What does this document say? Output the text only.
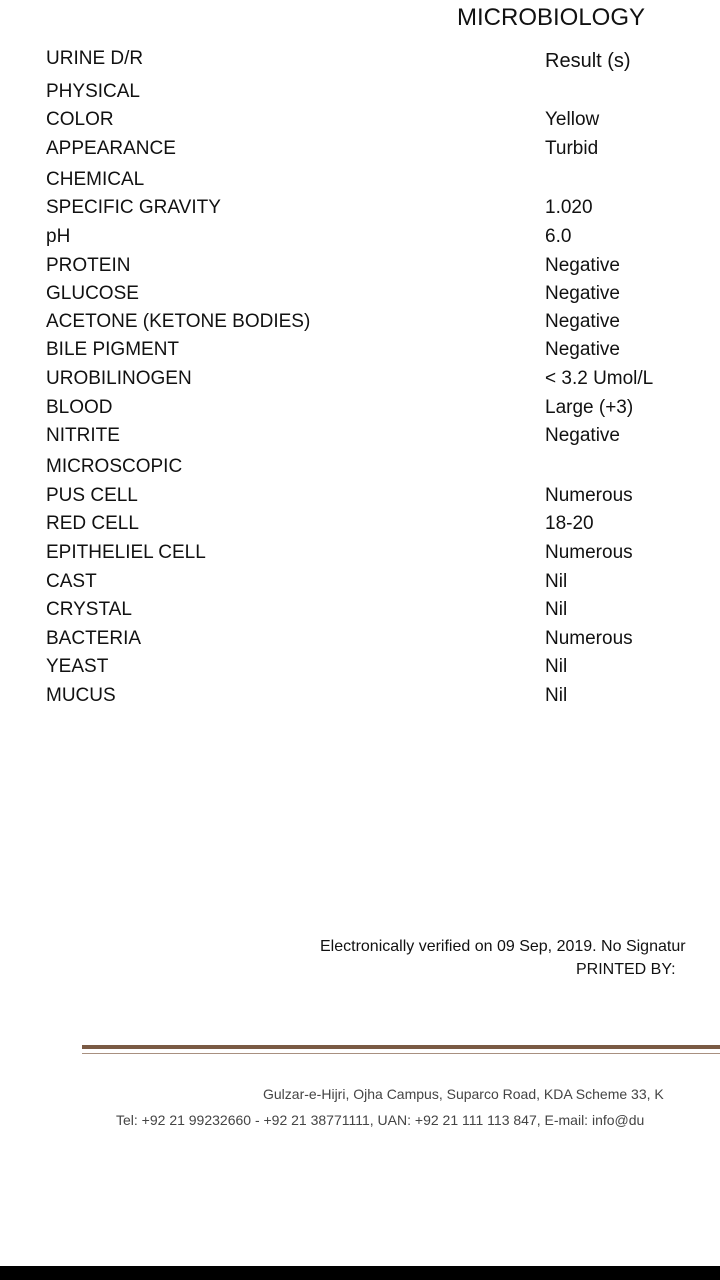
MICROBIOLOGY
URINE D/R	Result (s)
PHYSICAL
COLOR	Yellow
APPEARANCE	Turbid
CHEMICAL
SPECIFIC GRAVITY	1.020
pH	6.0
PROTEIN	Negative
GLUCOSE	Negative
ACETONE (KETONE BODIES)	Negative
BILE PIGMENT	Negative
UROBILINOGEN	< 3.2 Umol/L
BLOOD	Large (+3)
NITRITE	Negative
MICROSCOPIC
PUS CELL	Numerous
RED CELL	18-20
EPITHELIEL CELL	Numerous
CAST	Nil
CRYSTAL	Nil
BACTERIA	Numerous
YEAST	Nil
MUCUS	Nil
Electronically verified on 09 Sep, 2019. No Signatur
PRINTED BY:
Gulzar-e-Hijri, Ojha Campus, Suparco Road, KDA Scheme 33, K
Tel: +92 21 99232660 - +92 21 38771111, UAN: +92 21 111 113 847, E-mail: info@du
